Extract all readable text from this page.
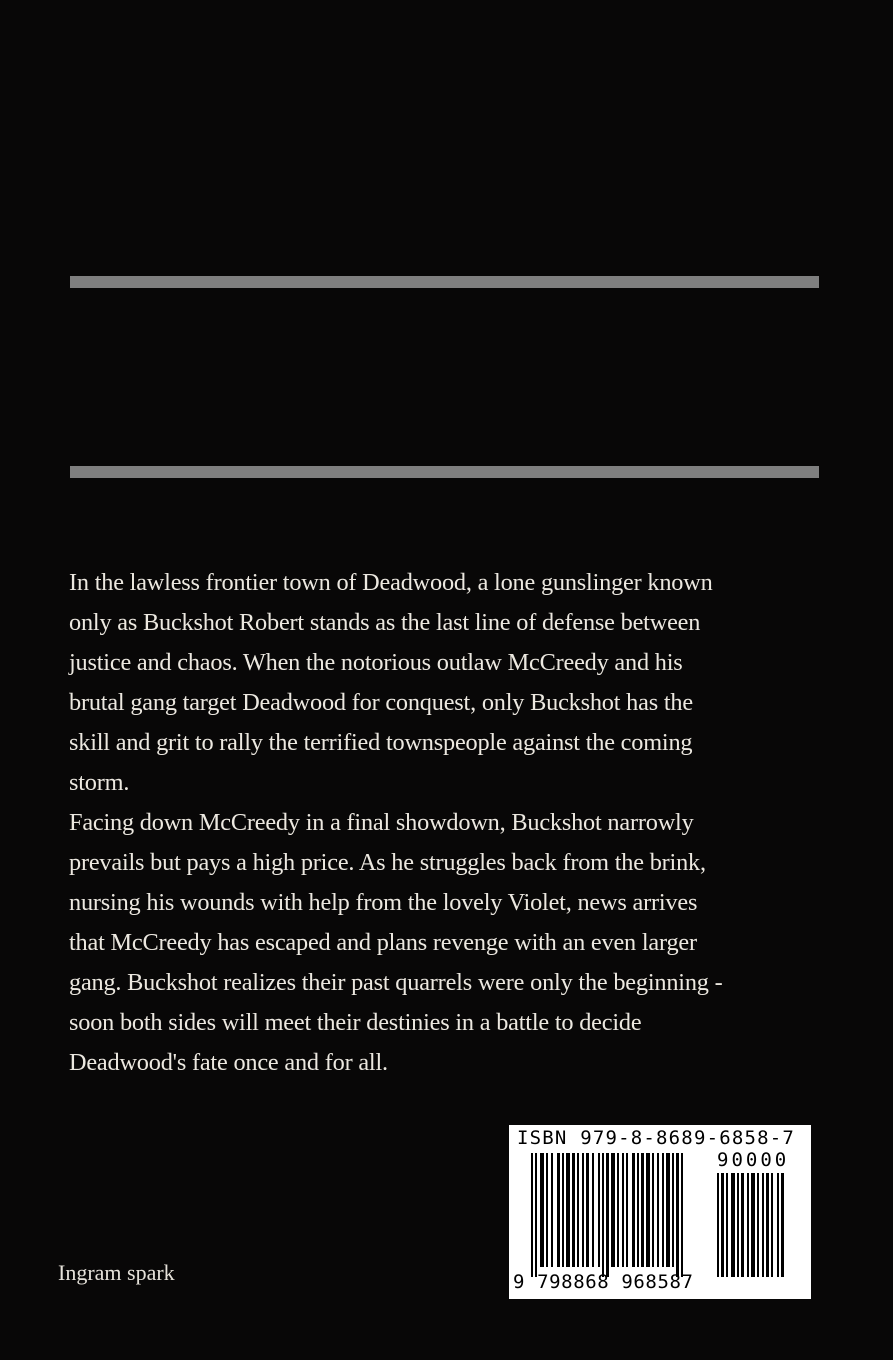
In the lawless frontier town of Deadwood, a lone gunslinger known

only as Buckshot Robert stands as the last line of defense between

justice and chaos. When the notorious outlaw McCreedy and his

brutal gang target Deadwood for conquest, only Buckshot has the

skill and grit to rally the terrified townspeople against the coming

storm.

Facing down McCreedy in a final showdown, Buckshot narrowly

prevails but pays a high price. As he struggles back from the brink,

nursing his wounds with help from the lovely Violet, news arrives

that McCreedy has escaped and plans revenge with an even larger

gang. Buckshot realizes their past quarrels were only the beginning -

soon both sides will meet their destinies in a battle to decide

Deadwood's fate once and for all.

Ingram spark
ISBN 979-8-8689-6858-7
90000
9 798868 968587
